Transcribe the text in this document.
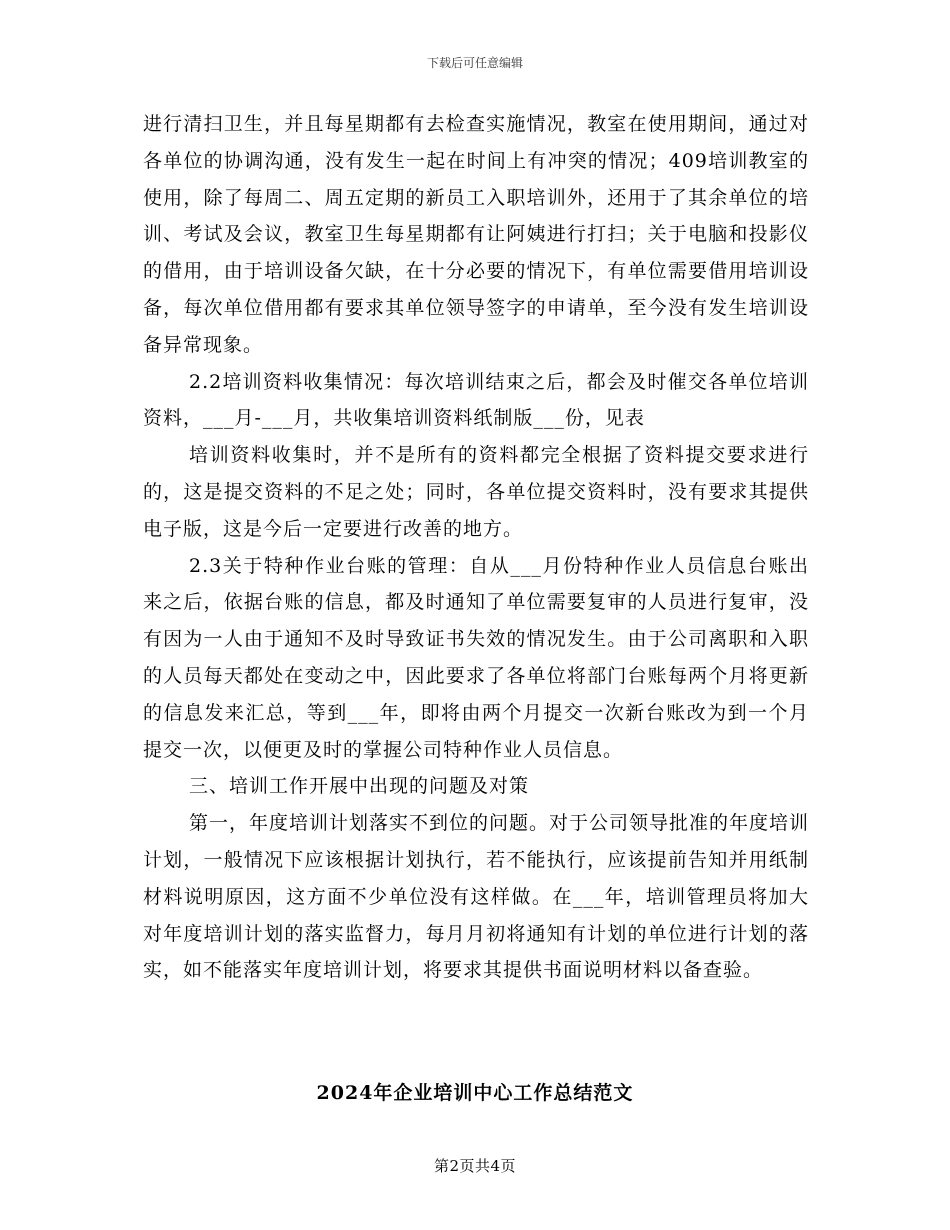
下载后可任意编辑

进行清扫卫生，并且每星期都有去检查实施情况，教室在使用期间，通过对各单位的协调沟通，没有发生一起在时间上有冲突的情况；409培训教室的使用，除了每周二、周五定期的新员工入职培训外，还用于了其余单位的培训、考试及会议，教室卫生每星期都有让阿姨进行打扫；关于电脑和投影仪的借用，由于培训设备欠缺，在十分必要的情况下，有单位需要借用培训设备，每次单位借用都有要求其单位领导签字的申请单，至今没有发生培训设备异常现象。

2.2培训资料收集情况：每次培训结束之后，都会及时催交各单位培训资料，___月-___月，共收集培训资料纸制版___份，见表

培训资料收集时，并不是所有的资料都完全根据了资料提交要求进行的，这是提交资料的不足之处；同时，各单位提交资料时，没有要求其提供电子版，这是今后一定要进行改善的地方。

2.3关于特种作业台账的管理：自从___月份特种作业人员信息台账出来之后，依据台账的信息，都及时通知了单位需要复审的人员进行复审，没有因为一人由于通知不及时导致证书失效的情况发生。由于公司离职和入职的人员每天都处在变动之中，因此要求了各单位将部门台账每两个月将更新的信息发来汇总，等到___年，即将由两个月提交一次新台账改为到一个月提交一次，以便更及时的掌握公司特种作业人员信息。

三、培训工作开展中出现的问题及对策

第一，年度培训计划落实不到位的问题。对于公司领导批准的年度培训计划，一般情况下应该根据计划执行，若不能执行，应该提前告知并用纸制材料说明原因，这方面不少单位没有这样做。在___年，培训管理员将加大对年度培训计划的落实监督力，每月月初将通知有计划的单位进行计划的落实，如不能落实年度培训计划，将要求其提供书面说明材料以备查验。

2024年企业培训中心工作总结范文

第2页共4页
